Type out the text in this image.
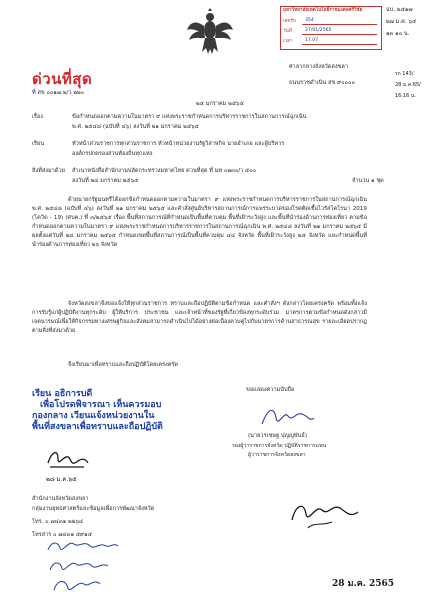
ด่วนที่สุด
ที่ สข ๐๐๑๗.๒/ว ๒๒๐
มหาวิทยาลัยเทคโนโลยีราชมงคลศรีวิชัย
เลขรับ 354
วันที่	27/01/2565
เวลา	17.07
ฉบ. ๒๕๑๗
๒๗ ม.ค. ๖๕
๑๓ ๑๐ น.
ศาลากลางจังหวัดสงขลา
ถนนราชดำเนิน สข ๙๐๐๐๐
รก 143/
28 ม.ค.65/
16.16 น.
๒๕ มกราคม ๒๕๖๕
เรื่อง	ข้อกำหนดออกตามความในมาตรา ๙ แห่งพระราชกำหนดการบริหารราชการในสถานการณ์ฉุกเฉิน
พ.ศ. ๒๕๔๘ (ฉบับที่ ๔๖) ลงวันที่ ๒๑ มกราคม ๒๕๖๕
เรียน	หัวหน้าส่วนราชการทุกส่วนราชการ หัวหน้าหน่วยงานรัฐวิสาหกิจ นายอำเภอ และผู้บริหาร
องค์กรปกครองส่วนท้องถิ่นทุกแห่ง
สิ่งที่ส่งมาด้วย สำเนาหนังสือสำนักงานปลัดกระทรวงมหาดไทย ด่วนที่สุด ที่ มท ๐๒๓๐/ว ๕๐๐
ลงวันที่ ๒๔ มกราคม ๒๕๖๕	จำนวน ๑ ชุด
ด้วยนายกรัฐมนตรีได้ออกข้อกำหนดออกตามความในมาตรา ๙ แห่งพระราชกำหนดการบริหารราชการในสถานการณ์ฉุกเฉิน พ.ศ. ๒๕๔๘ (ฉบับที่ ๔๖) ลงวันที่ ๒๑ มกราคม ๒๕๖๕ และคำสั่งศูนย์บริหารสถานการณ์การแพร่ระบาดของโรคติดเชื้อไวรัสโคโรนา 2019 (โควิด - 19) (ศบค.) ที่ ๓/๒๕๖๕ เรื่อง พื้นที่สถานการณ์ที่กำหนดเป็นพื้นที่ควบคุม พื้นที่เฝ้าระวังสูง และพื้นที่นำร่องด้านการท่องเที่ยว ตามข้อกำหนดออกตามความในมาตรา ๙ แห่งพระราชกำหนดการบริหารราชการในสถานการณ์ฉุกเฉิน พ.ศ. ๒๕๔๘ ลงวันที่ ๒๑ มกราคม ๒๕๖๕ มีผลตั้งแต่วันที่ ๒๔ มกราคม ๒๕๖๕ กำหนดเขตพื้นที่สถานการณ์เป็นพื้นที่ควบคุม ๔๔ จังหวัด พื้นที่เฝ้าระวังสูง ๒๕ จังหวัด และกำหนดพื้นที่นำร่องด้านการท่องเที่ยว ๒๖ จังหวัด
จังหวัดสงขลาจึงขอแจ้งให้ทุกส่วนราชการ ทราบและถือปฏิบัติตามข้อกำหนด และคำสั่งฯ ดังกล่าวโดยเคร่งครัด พร้อมทั้งแจ้งการรับรู้แก่ผู้ปฏิบัติงานทุกระดับ ผู้ให้บริการ ประชาชน และเจ้าหน้าที่ของรัฐที่เกี่ยวข้องทุกระดับร่วม มาตรการตามข้อกำหนดดังกล่าวมีเจตนารมณ์เพื่อให้กิจกรรมทางเศรษฐกิจและสังคมสามารถดำเนินไปได้อย่างต่อเนื่องควบคู่ไปกับมาตรการด้านสาธารณสุข รายละเอียดปรากฏตามสิ่งที่ส่งมาด้วย
จึงเรียนมาเพื่อทราบและถือปฏิบัติโดยเคร่งครัด
ขอแสดงความนับถือ
(นายวรเชษฐ ปุญญพันธ์)
รองผู้ว่าราชการจังหวัด ปฏิบัติราชการแทน
ผู้ว่าราชการจังหวัดสงขลา
เรียน อธิการบดี
เพื่อโปรดพิจารณา เห็นควรมอบ
กองกลาง เวียนแจ้งหน่วยงานใน
พื้นที่สงขลาเพื่อทราบและถือปฏิบัติ
๒๘ ม.ค.๖๕
สำนักงานจังหวัดสงขลา
กลุ่มงานยุทธศาสตร์และข้อมูลเพื่อการพัฒนาจังหวัด
โทร. ๐ ๗๔๓๑ ๒๒๖๔
โทรสาร ๐ ๗๔๓๑ ๕๙๑๕
28 ม.ค. 2565
